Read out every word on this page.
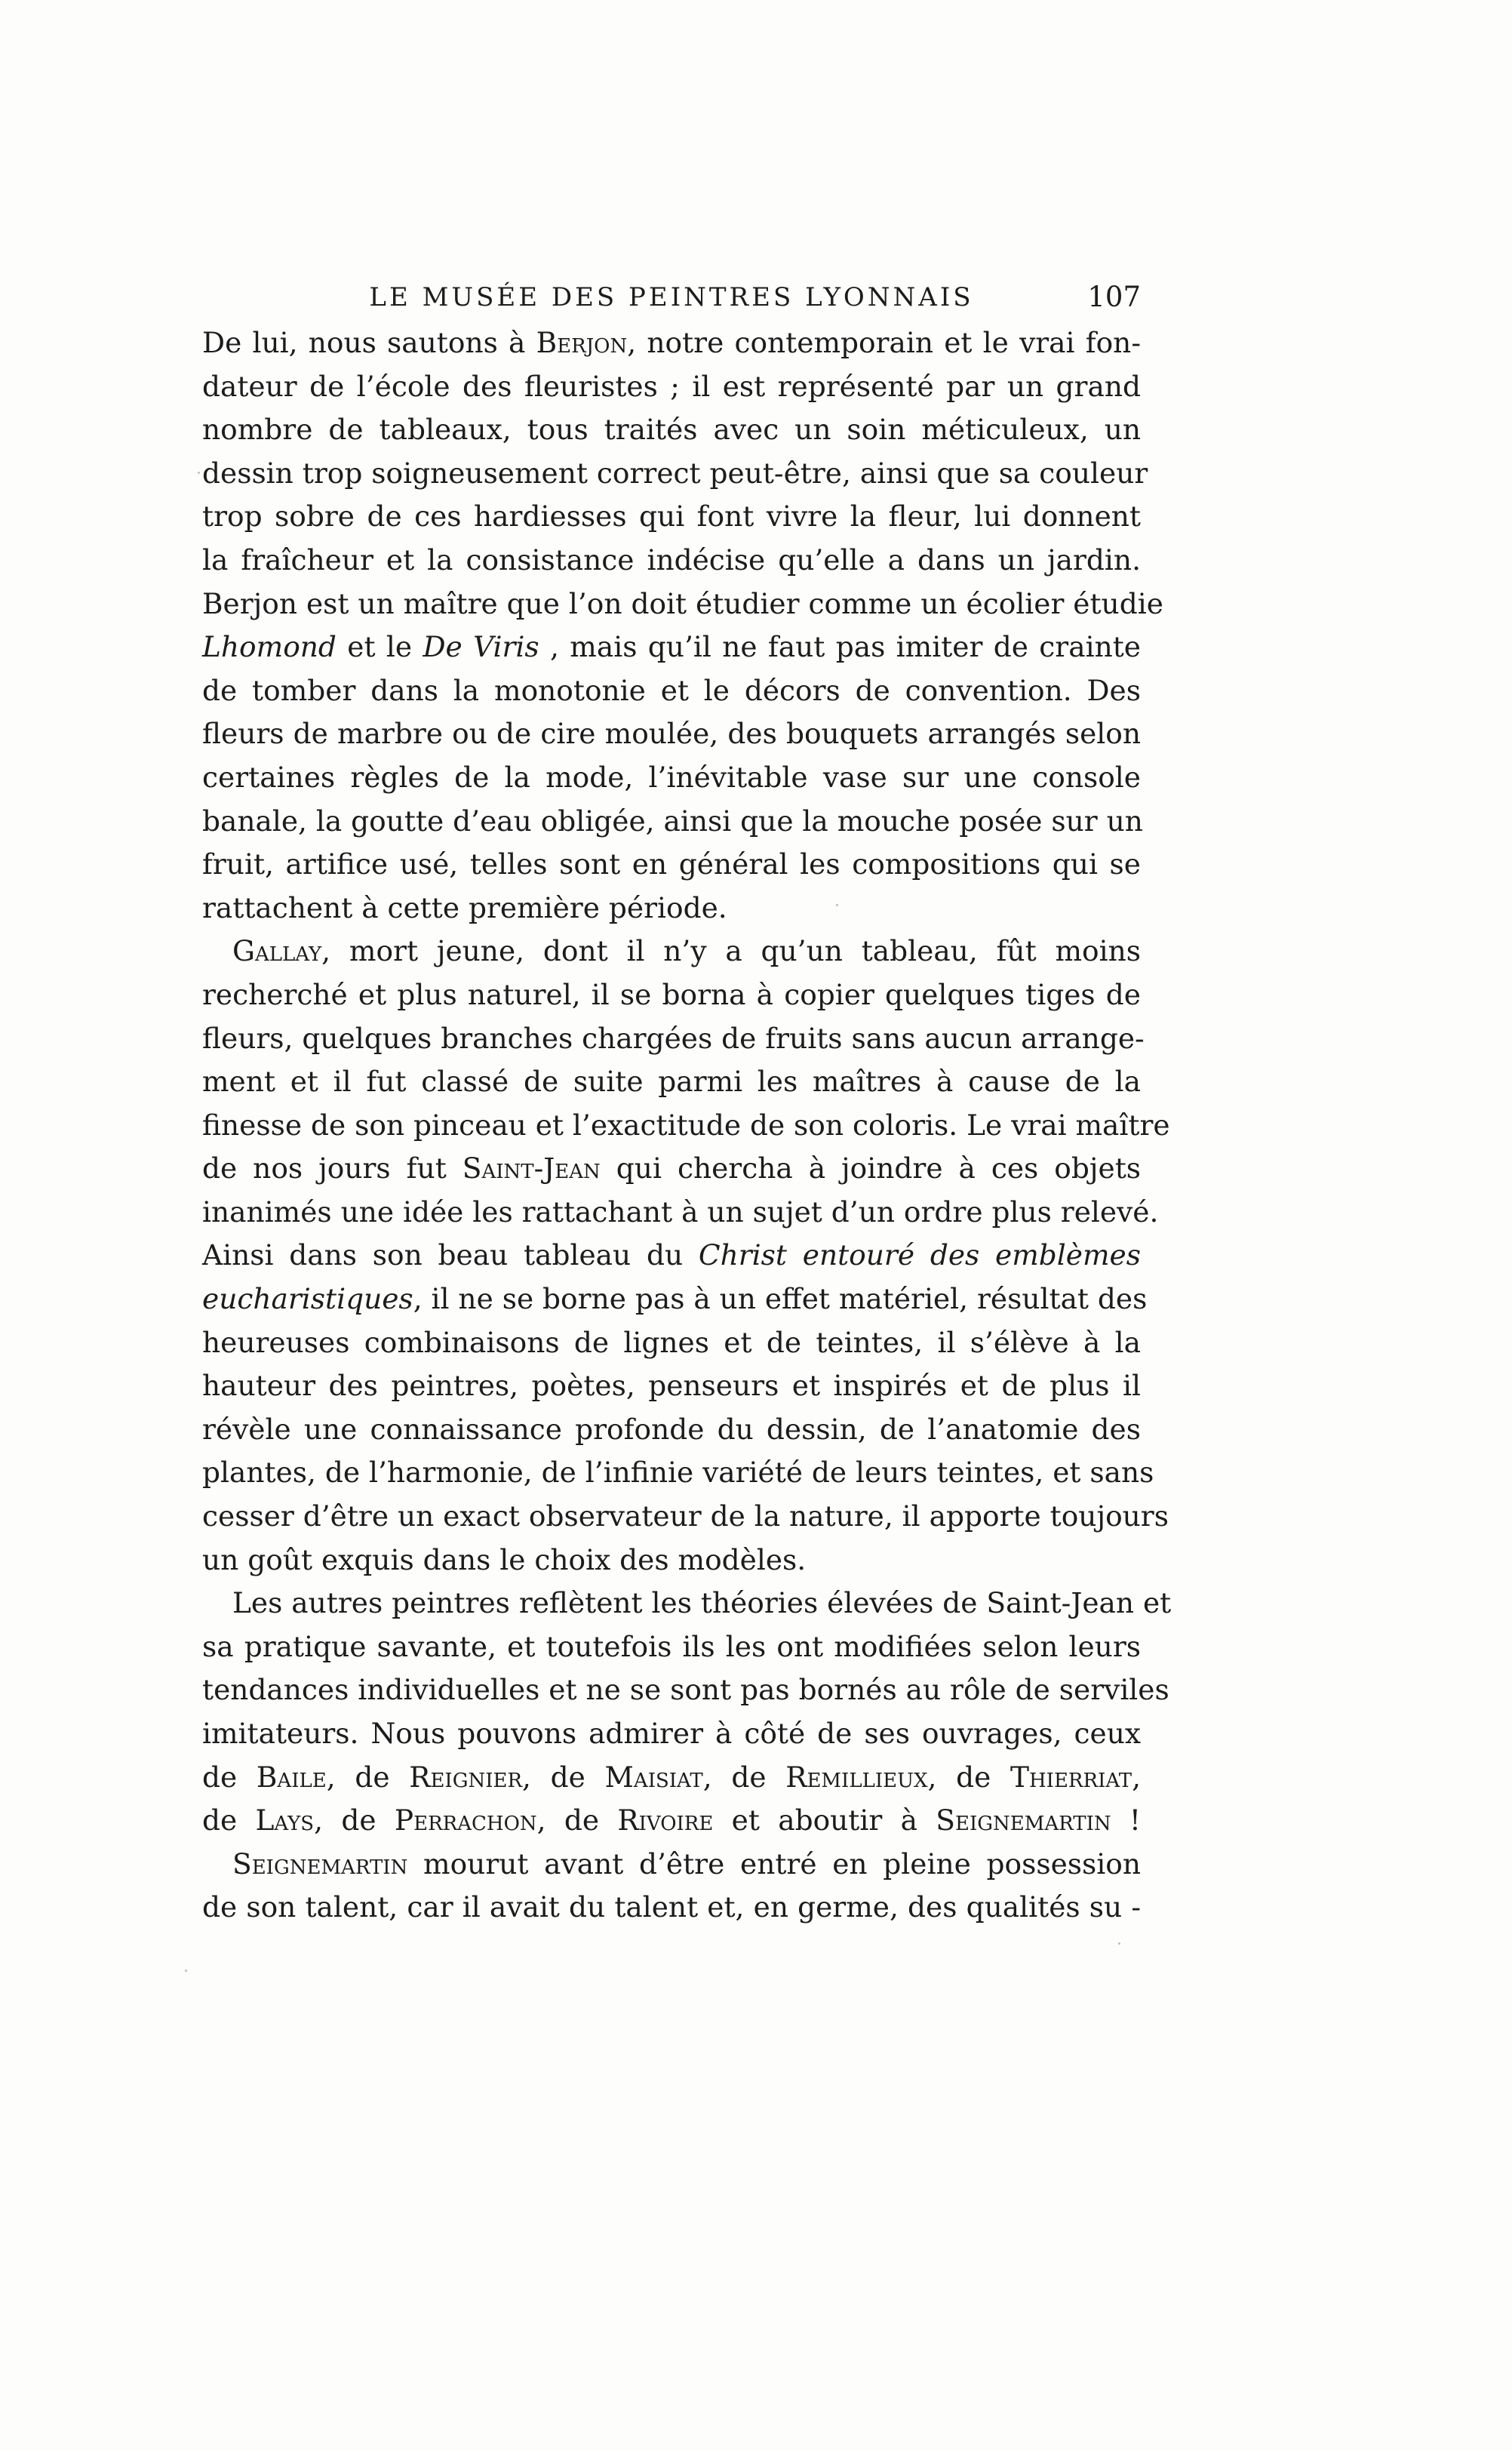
LE MUSÉE DES PEINTRES LYONNAIS	107
De lui, nous sautons à Berjon, notre contemporain et le vrai fon-
dateur de l’école des fleuristes ; il est représenté par un grand
nombre de tableaux, tous traités avec un soin méticuleux, un
dessin trop soigneusement correct peut-être, ainsi que sa couleur
trop sobre de ces hardiesses qui font vivre la fleur, lui donnent
la fraîcheur et la consistance indécise qu’elle a dans un jardin.
Berjon est un maître que l’on doit étudier comme un écolier étudie
Lhomond et le De Viris , mais qu’il ne faut pas imiter de crainte
de tomber dans la monotonie et le décors de convention. Des
fleurs de marbre ou de cire moulée, des bouquets arrangés selon
certaines règles de la mode, l’inévitable vase sur une console
banale, la goutte d’eau obligée, ainsi que la mouche posée sur un
fruit, artifice usé, telles sont en général les compositions qui se
rattachent à cette première période.
Gallay, mort jeune, dont il n’y a qu’un tableau, fût moins
recherché et plus naturel, il se borna à copier quelques tiges de
fleurs, quelques branches chargées de fruits sans aucun arrange-
ment et il fut classé de suite parmi les maîtres à cause de la
finesse de son pinceau et l’exactitude de son coloris. Le vrai maître
de nos jours fut Saint-Jean qui chercha à joindre à ces objets
inanimés une idée les rattachant à un sujet d’un ordre plus relevé.
Ainsi dans son beau tableau du Christ entouré des emblèmes
eucharistiques, il ne se borne pas à un effet matériel, résultat des
heureuses combinaisons de lignes et de teintes, il s’élève à la
hauteur des peintres, poètes, penseurs et inspirés et de plus il
révèle une connaissance profonde du dessin, de l’anatomie des
plantes, de l’harmonie, de l’infinie variété de leurs teintes, et sans
cesser d’être un exact observateur de la nature, il apporte toujours
un goût exquis dans le choix des modèles.
Les autres peintres reflètent les théories élevées de Saint-Jean et
sa pratique savante, et toutefois ils les ont modifiées selon leurs
tendances individuelles et ne se sont pas bornés au rôle de serviles
imitateurs. Nous pouvons admirer à côté de ses ouvrages, ceux
de Baile, de Reignier, de Maisiat, de Remillieux, de Thierriat,
de Lays, de Perrachon, de Rivoire et aboutir à Seignemartin !
Seignemartin mourut avant d’être entré en pleine possession
de son talent, car il avait du talent et, en germe, des qualités su -
